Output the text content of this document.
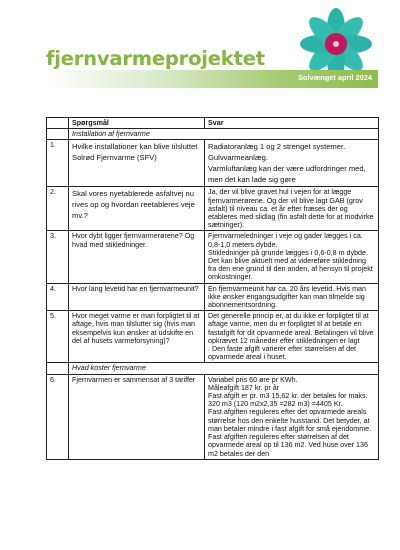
fjernvarmeprojektet
Solvænget april 2024
	Spørgsmål	Svar
	Installation af fjernvarme	
1.	Hvilke installationer kan blive tilsluttet Solrød Fjernvarme (SFV)	Radiatoranlæg 1 og 2 strenget systemer.

Gulvvarmeanlæg.

Varmluftanlæg kan der være udfordringer med, men det kan lade sig gøre

2.	Skal vores nyetablerede asfaltvej nu rives op og hvordan reetableres veje mv.?	Ja, der vil blive gravet hul i vejen for at lægge fjernvarmerørene. Og der vil blive lagt GAB (grov asfalt) til niveau ca. et år efter fræses der og etableres med slidlag (fin asfalt dette for at modvirke sætninger).

3.	Hvor dybt ligger fjernvarmerørene? Og hvad med stikledninger.	Fjernvarmeledninger i veje og gader lægges i ca. 0,8-1,0 meters dybde.

Stikledninger på grunde lægges i 0,6-0,8 m dybde.

Det kan blive aktuelt med at videreføre stikledning fra den ene grund til den anden, af hensyn til projekt omkostninger.

4.	Hvor lang levetid har en fjernvarmeunit?	En fjernvarmeunit har ca. 20 års levetid. Hvis man ikke ønsker engangsudgifter kan man tilmelde sig abonnementsordning.

5.	Hvor meget varme er man forpligtet til at aftage, hvis man tilslutter sig (hvis man eksempelvis kun ønsker at udskifte en del af husets varmeforsyning)?	Det generelle princip er, at du ikke er forpligtet til at aftage varme, men du er forpligtet til at betale en fastafgift for dit opvarmede areal. Betalingen vil blive opkrævet 12 måneder efter stikledningen er lagt

. Den faste afgift varierer efter størrelsen af det opvarmede areal i huset.

	Hvad koster fjernvarme	
6.	Fjernvarmen er sammensat af 3 tariffer	Variabel pris 60 øre pr KWh.

Måleafgift 187 kr. pr år

Fast afgift er pr. m3 15,62 kr. der betales for maks. 320 m3 (120 m2x2,35 =282 m3) =4405 Kr.

Fast afgiften reguleres efter det opvarmede areals størrelse hos den enkelte husstand. Det betyder, at man betaler mindre i fast afgift for små ejendomme. Fast afgiften reguleres efter størrelsen af det opvarmede areal op til 136 m2. Ved huse over 136 m2 betales der den
